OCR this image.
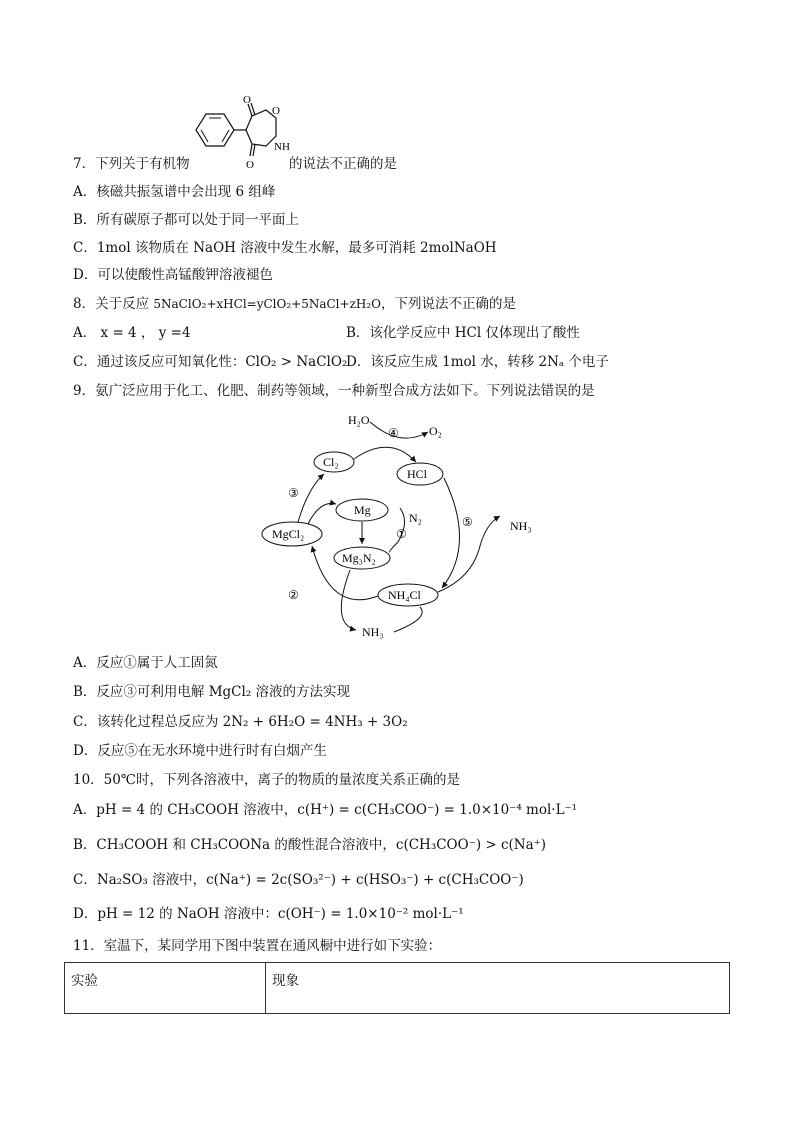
O
O
O
NH
7．下列关于有机物	的说法不正确的是
A．核磁共振氢谱中会出现 6 组峰
B．所有碳原子都可以处于同一平面上
C．1mol 该物质在 NaOH 溶液中发生水解，最多可消耗 2molNaOH
D．可以使酸性高锰酸钾溶液褪色
8．关于反应 5NaClO₂+xHCl=yClO₂+5NaCl+zH₂O，下列说法不正确的是
A． x = 4 ， y =4	B．该化学反应中 HCl 仅体现出了酸性
C．通过该反应可知氧化性：ClO₂ > NaClO₂
D．该反应生成 1mol 水，转移 2Nₐ 个电子
9．氨广泛应用于化工、化肥、制药等领域，一种新型合成方法如下。下列说法错误的是
H₂O
O₂
④
Cl₂
HCl
Mg
MgCl₂
Mg₃N₂
NH₄Cl
N₂
①
③
⑤	NH₃
②
NH₃
A．反应①属于人工固氮
B．反应③可利用电解 MgCl₂ 溶液的方法实现
C．该转化过程总反应为 2N₂ + 6H₂O = 4NH₃ + 3O₂
D．反应⑤在无水环境中进行时有白烟产生
10．50℃时，下列各溶液中，离子的物质的量浓度关系正确的是
A．pH = 4 的 CH₃COOH 溶液中，c(H⁺) = c(CH₃COO⁻) = 1.0×10⁻⁴ mol·L⁻¹
B．CH₃COOH 和 CH₃COONa 的酸性混合溶液中，c(CH₃COO⁻) > c(Na⁺)
C．Na₂SO₃ 溶液中，c(Na⁺) = 2c(SO₃²⁻) + c(HSO₃⁻) + c(CH₃COO⁻)
D．pH = 12 的 NaOH 溶液中：c(OH⁻) = 1.0×10⁻² mol·L⁻¹
11．室温下，某同学用下图中装置在通风橱中进行如下实验：
实验	现象
